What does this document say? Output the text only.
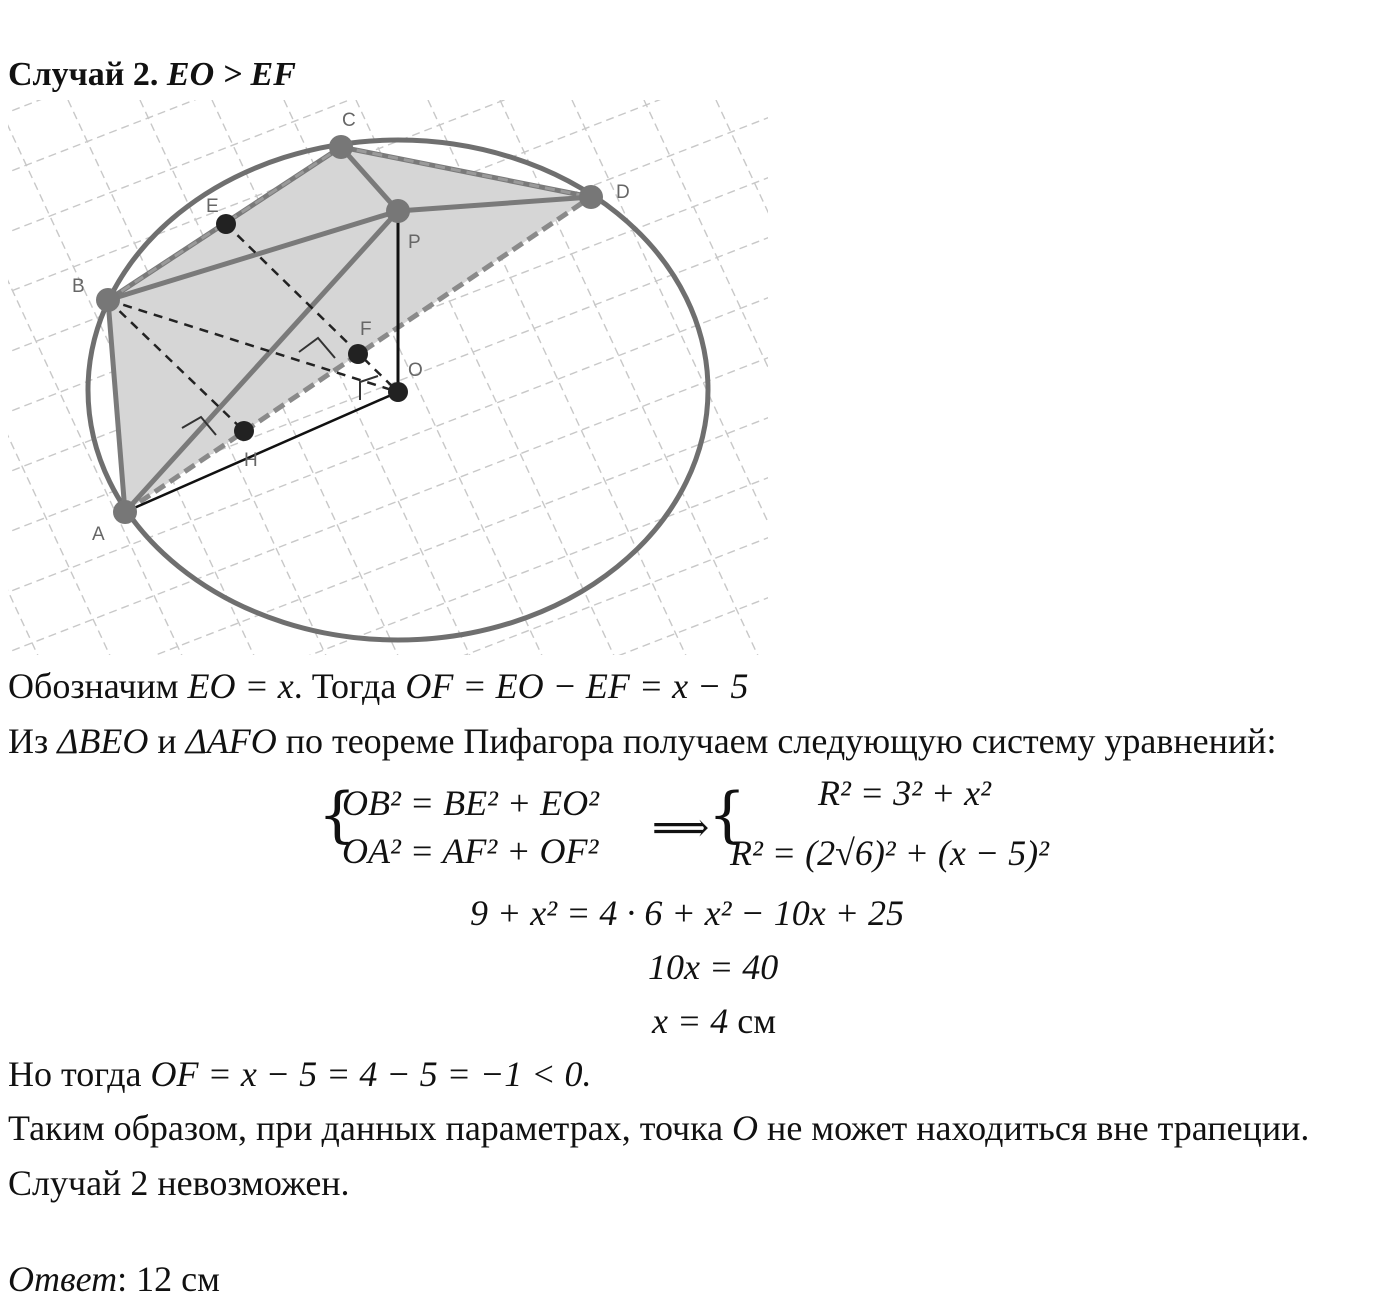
Случай 2. EO > EF
A
B
C
D
E
F
H
O
P
Обозначим EO = x. Тогда OF = EO − EF = x − 5
Из ΔBEO и ΔAFO по теореме Пифагора получаем следующую систему уравнений:
{
OB² = BE² + EO²
OA² = AF² + OF²
⟹
{ R² = 3² + x²
R² = (2√6)² + (x − 5)²
9 + x² = 4 · 6 + x² − 10x + 25
10x = 40
x = 4 см
Но тогда OF = x − 5 = 4 − 5 = −1 < 0.
Таким образом, при данных параметрах, точка O не может находиться вне трапеции.
Случай 2 невозможен.
Ответ: 12 см
